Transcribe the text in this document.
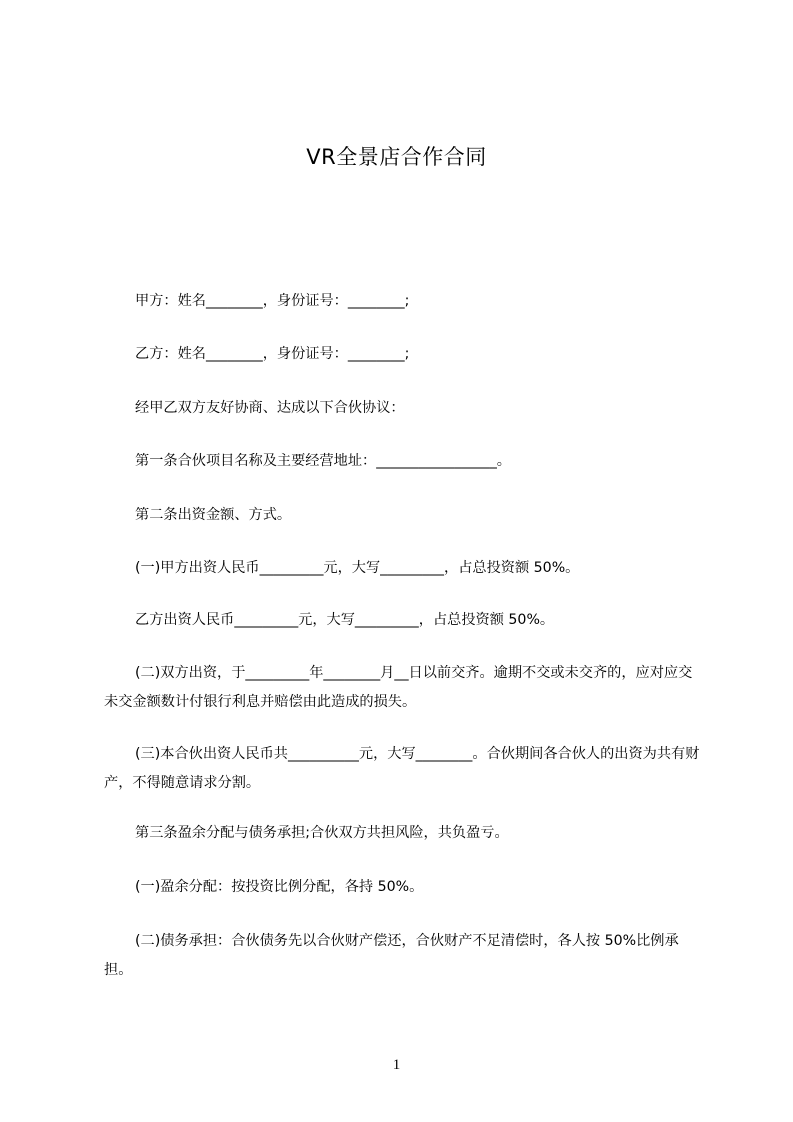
VR全景店合作合同
甲方：姓名________，身份证号：________;
乙方：姓名________，身份证号：________;
经甲乙双方友好协商、达成以下合伙协议：
第一条合伙项目名称及主要经营地址：_________________。
第二条出资金额、方式。
(一)甲方出资人民币_________元，大写_________，占总投资额 50%。
乙方出资人民币_________元，大写_________，占总投资额 50%。
(二)双方出资，于_________年________月__日以前交齐。逾期不交或未交齐的，应对应交未交金额数计付银行利息并赔偿由此造成的损失。
(三)本合伙出资人民币共__________元，大写________。合伙期间各合伙人的出资为共有财产，不得随意请求分割。
第三条盈余分配与债务承担;合伙双方共担风险，共负盈亏。
(一)盈余分配：按投资比例分配，各持 50%。
(二)债务承担：合伙债务先以合伙财产偿还，合伙财产不足清偿时，各人按 50%比例承担。
1
